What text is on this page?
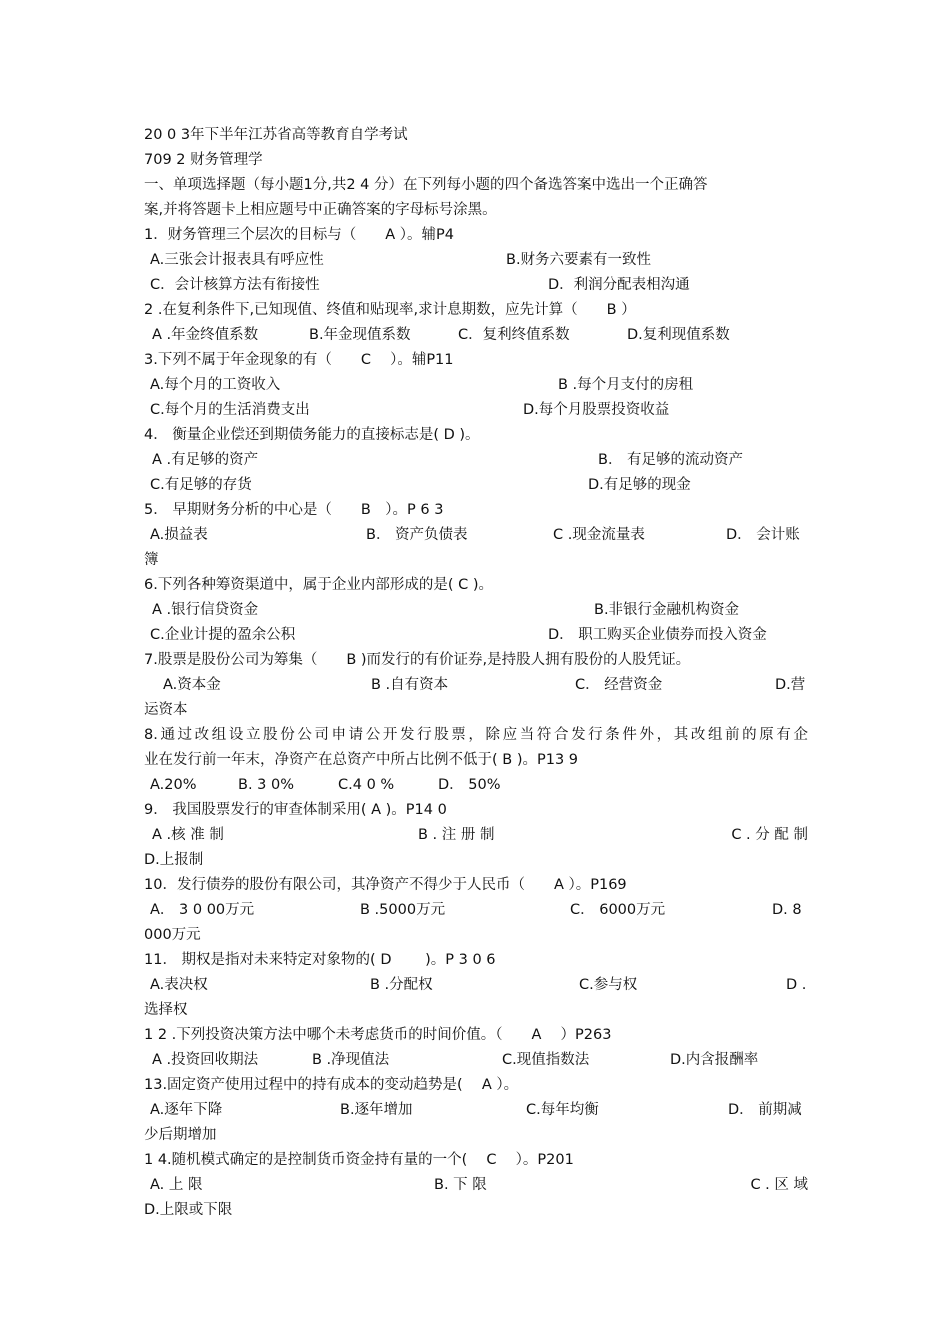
20 0 3年下半年江苏省高等教育自学考试
709 2 财务管理学
一、单项选择题（每小题1分,共2 4 分）在下列每小题的四个备选答案中选出一个正确答
案,并将答题卡上相应题号中正确答案的字母标号涂黑。
1．财务管理三个层次的目标与（　　A ）。辅P4
A.三张会计报表具有呼应性	B.财务六要素有一致性
C．会计核算方法有衔接性	D．利润分配表相沟通
2 .在复利条件下,已知现值、终值和贴现率,求计息期数，应先计算（　　B ）
A .年金终值系数	B.年金现值系数	C．复利终值系数	D.复利现值系数
3.下列不属于年金现象的有（　　C　 ）。辅P11
A.每个月的工资收入	B .每个月支付的房租
C.每个月的生活消费支出	D.每个月股票投资收益
4． 衡量企业偿还到期债务能力的直接标志是( D )。
A .有足够的资产	B． 有足够的流动资产
C.有足够的存货	D.有足够的现金
5． 早期财务分析的中心是（　　B　）。P 6 3
A.损益表	B． 资产负债表	C .现金流量表	D． 会计账
簿
6.下列各种筹资渠道中，属于企业内部形成的是( C )。
A .银行信贷资金	B.非银行金融机构资金
C.企业计提的盈余公积	D． 职工购买企业债券而投入资金
7.股票是股份公司为筹集（　　B )而发行的有价证券,是持股人拥有股份的人股凭证。
A.资本金	B .自有资本	C． 经营资金	D.营
运资本
8.通过改组设立股份公司申请公开发行股票，除应当符合发行条件外，其改组前的原有企
业在发行前一年末，净资产在总资产中所占比例不低于( B )。P13 9
A.20%	B. 3 0%	C.4 0 %	D． 50%
9． 我国股票发行的审查体制采用( A )。P14 0
A .核 准 制	B . 注 册 制	C . 分 配 制
D.上报制
10．发行债券的股份有限公司，其净资产不得少于人民币（　　A ）。P169
A． 3 0 00万元	B .5000万元	C． 6000万元	D. 8
000万元
11． 期权是指对未来特定对象物的( D　　 )。P 3 0 6
A.表决权	B .分配权	C.参与权	D .
选择权
1 2 .下列投资决策方法中哪个未考虑货币的时间价值。（　　A　 ）P263
A .投资回收期法	B .净现值法	C.现值指数法	D.内含报酬率
13.固定资产使用过程中的持有成本的变动趋势是( 　A ）。
A.逐年下降	B.逐年增加	C.每年均衡	D． 前期减
少后期增加
1 4.随机模式确定的是控制货币资金持有量的一个( 　C　 ）。P201
A. 上 限	B. 下 限	C . 区 域
D.上限或下限
